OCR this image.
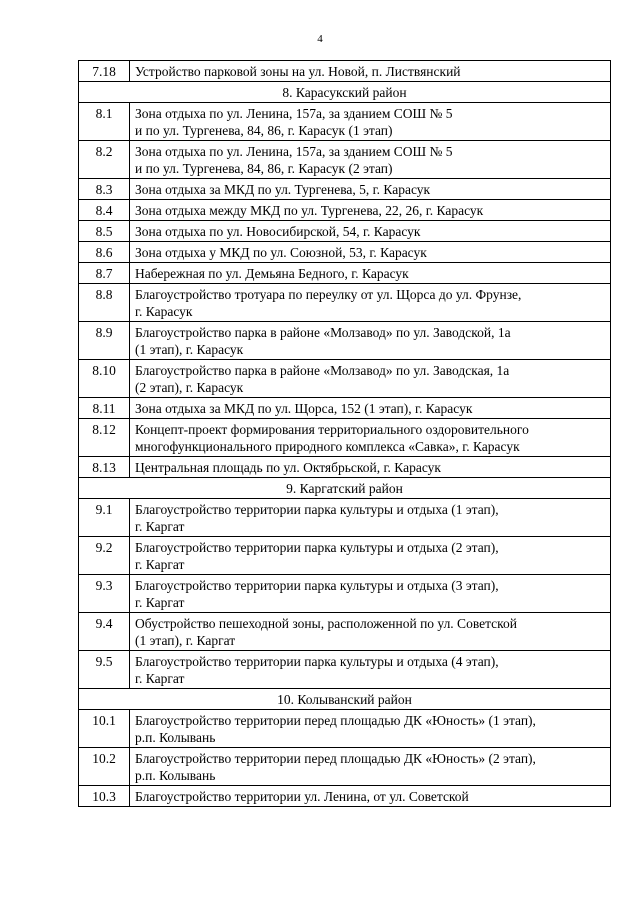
4
7.18	Устройство парковой зоны на ул. Новой, п. Листвянский
8. Карасукский район	
8.1	Зона отдыха по ул. Ленина, 157а, за зданием СОШ № 5
и по ул. Тургенева, 84, 86, г. Карасук (1 этап)
8.2	Зона отдыха по ул. Ленина, 157а, за зданием СОШ № 5
и по ул. Тургенева, 84, 86, г. Карасук (2 этап)
8.3	Зона отдыха за МКД по ул. Тургенева, 5, г. Карасук
8.4	Зона отдыха между МКД по ул. Тургенева, 22, 26, г. Карасук
8.5	Зона отдыха по ул. Новосибирской, 54, г. Карасук
8.6	Зона отдыха у МКД по ул. Союзной, 53, г. Карасук
8.7	Набережная по ул. Демьяна Бедного, г. Карасук
8.8	Благоустройство тротуара по переулку от ул. Щорса до ул. Фрунзе,
г. Карасук
8.9	Благоустройство парка в районе «Молзавод» по ул. Заводской, 1а
(1 этап), г. Карасук
8.10	Благоустройство парка в районе «Молзавод» по ул. Заводская, 1а
(2 этап), г. Карасук
8.11	Зона отдыха за МКД по ул. Щорса, 152 (1 этап), г. Карасук
8.12	Концепт-проект формирования территориального оздоровительного
многофункционального природного комплекса «Савка», г. Карасук
8.13	Центральная площадь по ул. Октябрьской, г. Карасук
9. Каргатский район	
9.1	Благоустройство территории парка культуры и отдыха (1 этап),
г. Каргат
9.2	Благоустройство территории парка культуры и отдыха (2 этап),
г. Каргат
9.3	Благоустройство территории парка культуры и отдыха (3 этап),
г. Каргат
9.4	Обустройство пешеходной зоны, расположенной по ул. Советской
(1 этап), г. Каргат
9.5	Благоустройство территории парка культуры и отдыха (4 этап),
г. Каргат
10. Колыванский район	
10.1	Благоустройство территории перед площадью ДК «Юность» (1 этап),
р.п. Колывань
10.2	Благоустройство территории перед площадью ДК «Юность» (2 этап),
р.п. Колывань
10.3	Благоустройство территории ул. Ленина, от ул. Советской
